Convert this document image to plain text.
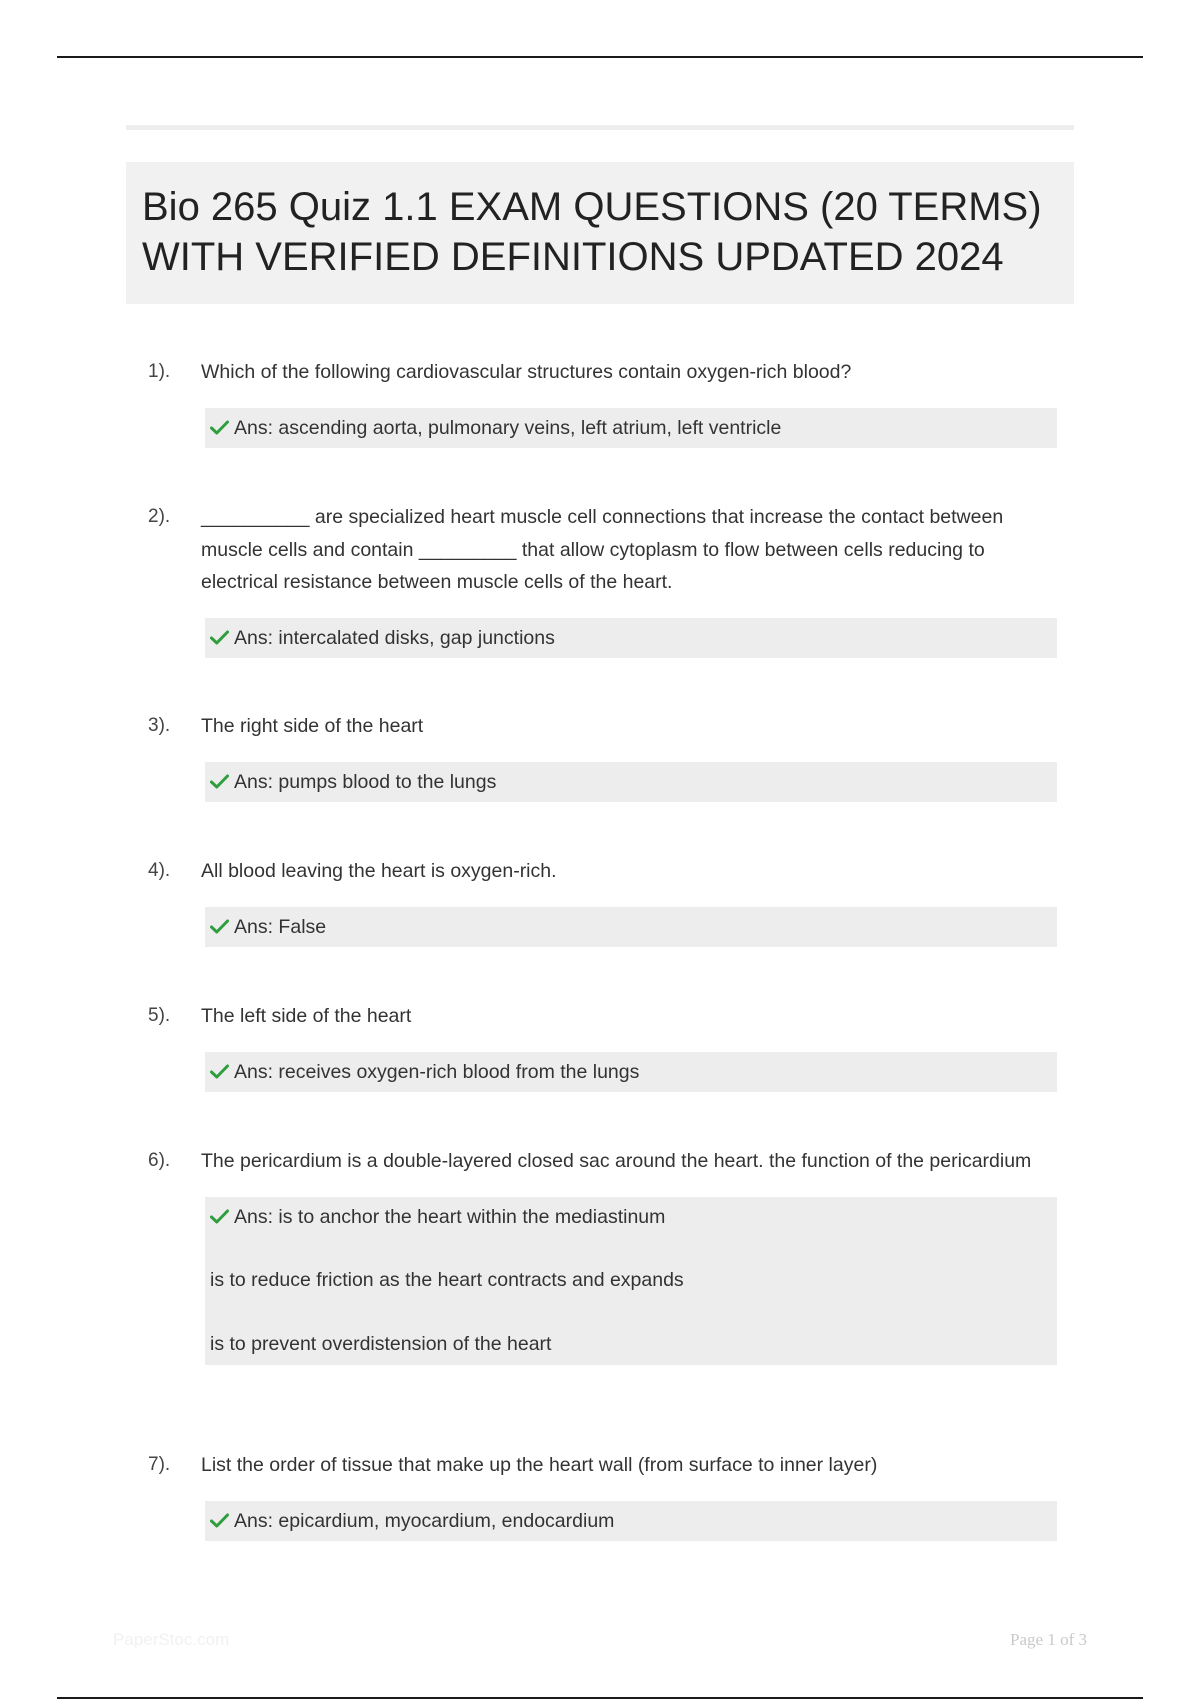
Bio 265 Quiz 1.1 EXAM QUESTIONS (20 TERMS) WITH VERIFIED DEFINITIONS UPDATED 2024
1). Which of the following cardiovascular structures contain oxygen-rich blood?
Ans: ascending aorta, pulmonary veins, left atrium, left ventricle
2). __________ are specialized heart muscle cell connections that increase the contact between muscle cells and contain _________ that allow cytoplasm to flow between cells reducing to electrical resistance between muscle cells of the heart.
Ans: intercalated disks, gap junctions
3). The right side of the heart
Ans: pumps blood to the lungs
4). All blood leaving the heart is oxygen-rich.
Ans: False
5). The left side of the heart
Ans: receives oxygen-rich blood from the lungs
6). The pericardium is a double-layered closed sac around the heart. the function of the pericardium
Ans: is to anchor the heart within the mediastinum
is to reduce friction as the heart contracts and expands
is to prevent overdistension of the heart
7). List the order of tissue that make up the heart wall (from surface to inner layer)
Ans: epicardium, myocardium, endocardium
PaperStoc.com	Page 1 of 3
